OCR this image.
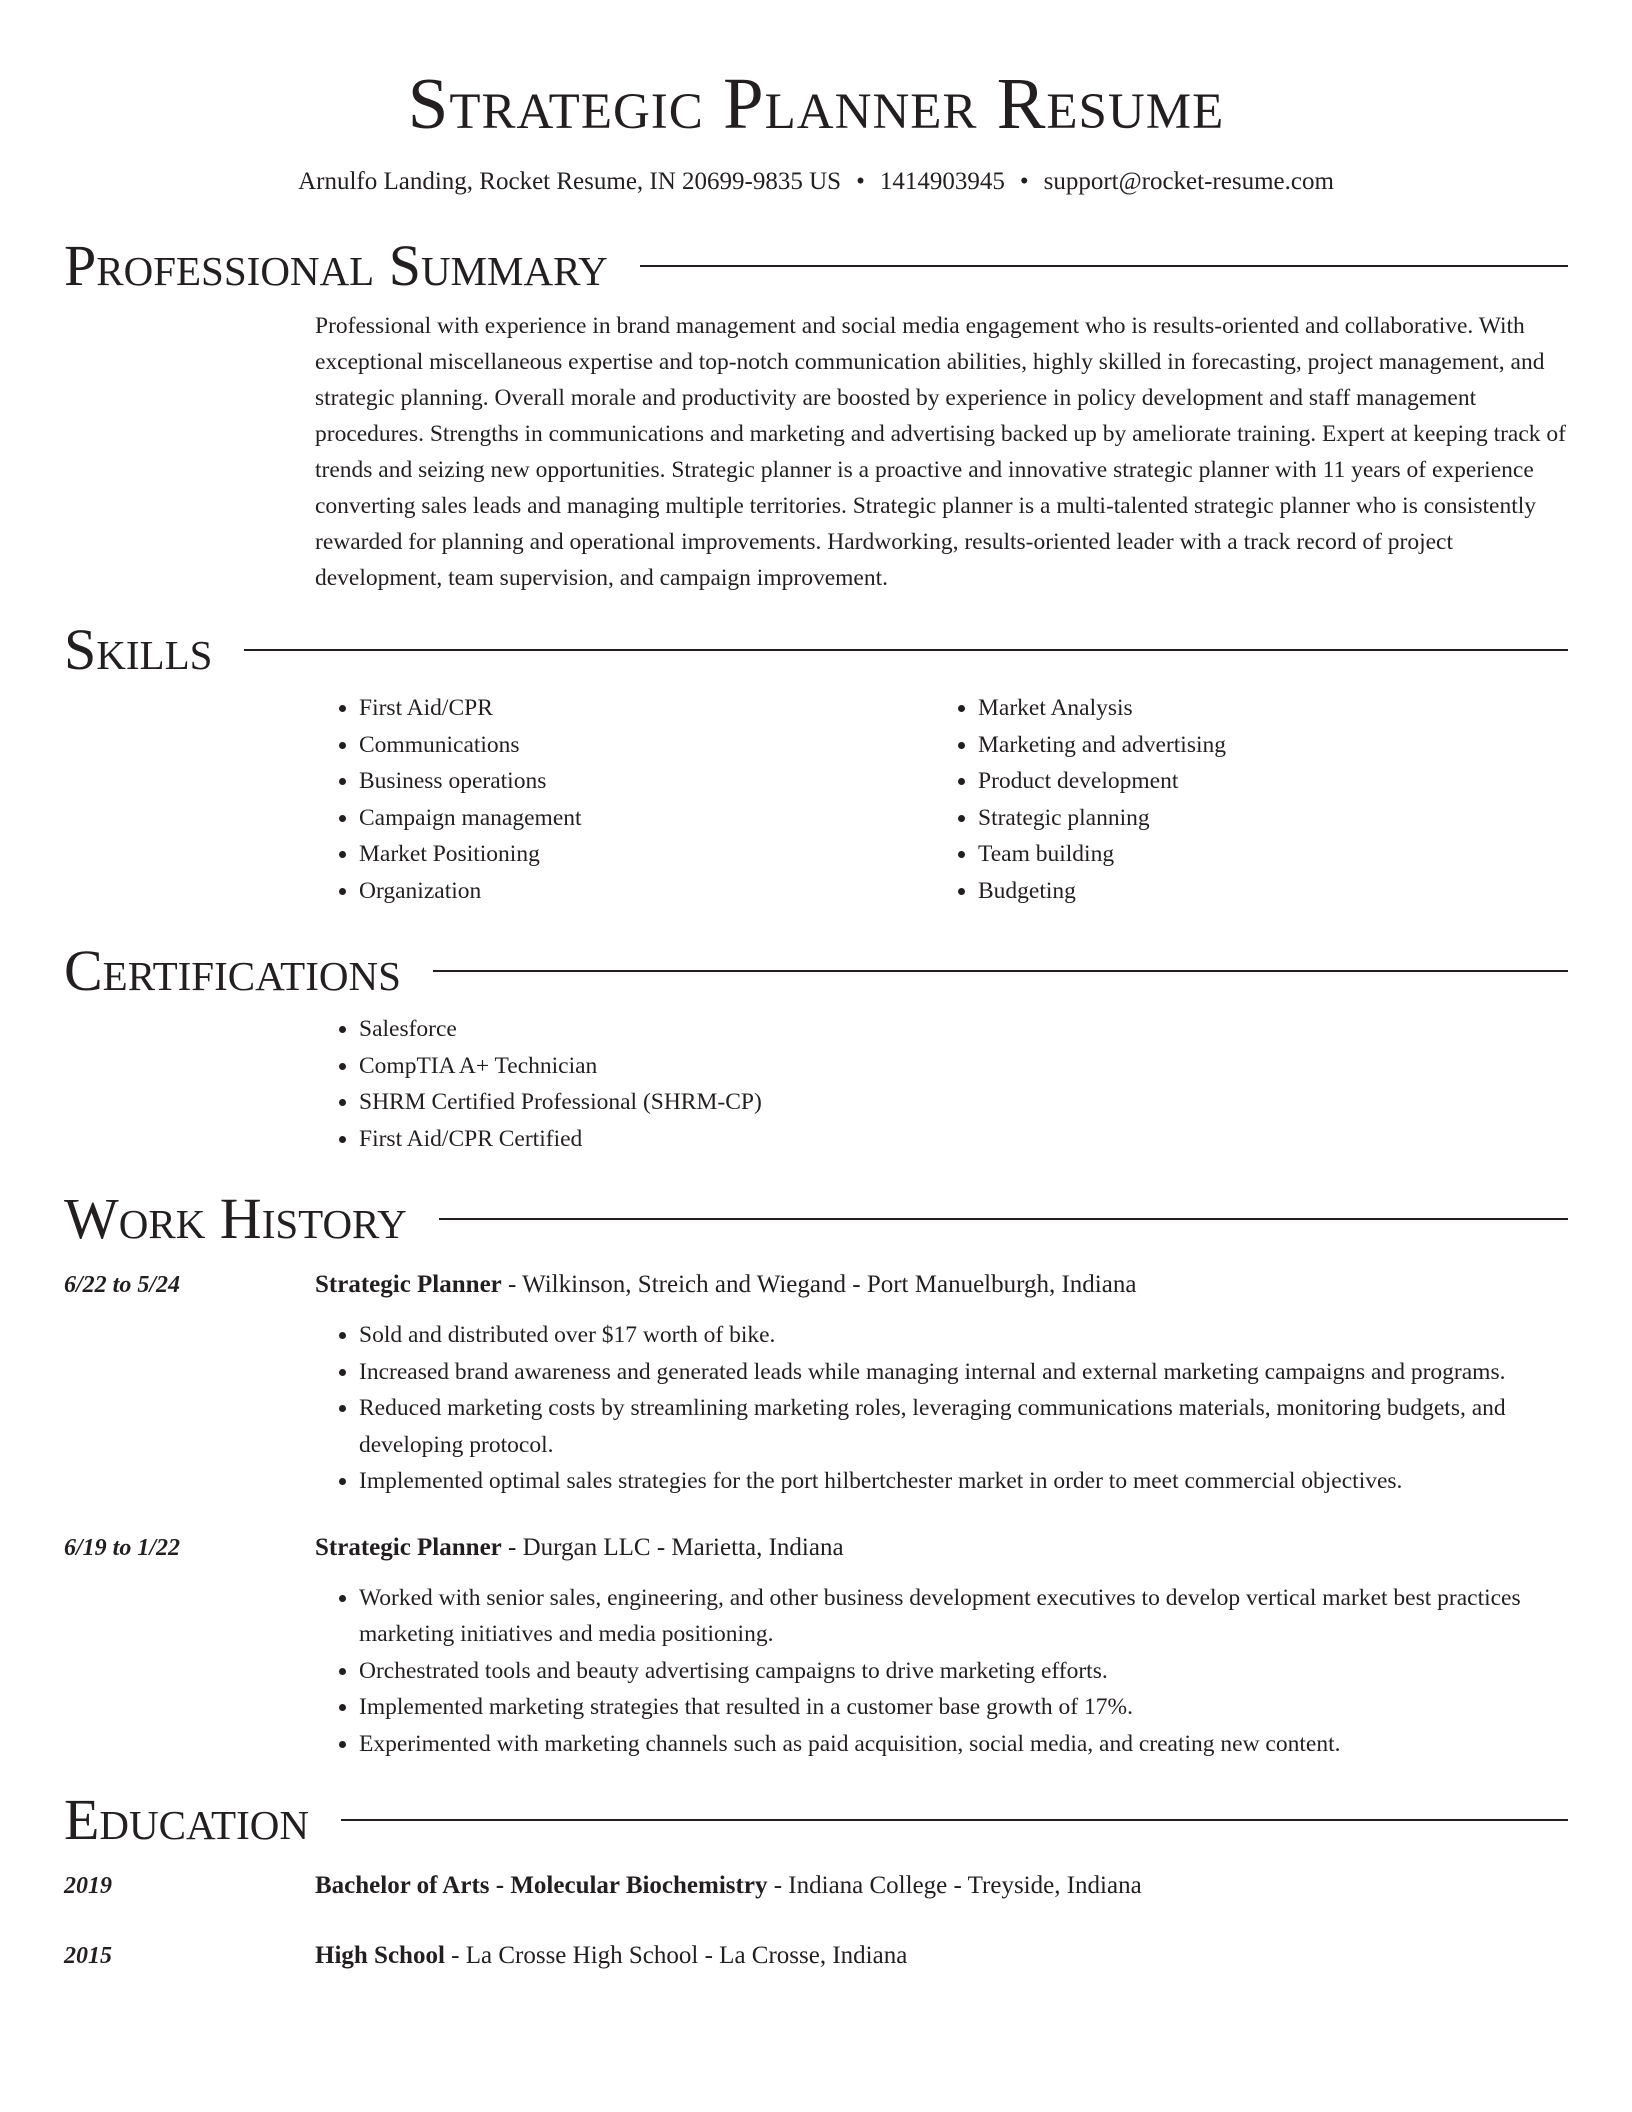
Strategic Planner Resume
Arnulfo Landing, Rocket Resume, IN 20699-9835 US • 1414903945 • support@rocket-resume.com
Professional Summary

Professional with experience in brand management and social media engagement who is results-oriented and collaborative. With exceptional miscellaneous expertise and top-notch communication abilities, highly skilled in forecasting, project management, and strategic planning. Overall morale and productivity are boosted by experience in policy development and staff management procedures. Strengths in communications and marketing and advertising backed up by ameliorate training. Expert at keeping track of trends and seizing new opportunities. Strategic planner is a proactive and innovative strategic planner with 11 years of experience converting sales leads and managing multiple territories. Strategic planner is a multi-talented strategic planner who is consistently rewarded for planning and operational improvements. Hardworking, results-oriented leader with a track record of project development, team supervision, and campaign improvement.

Skills
• First Aid/CPR
• Communications
• Business operations
• Campaign management
• Market Positioning
• Organization
• Market Analysis
• Marketing and advertising
• Product development
• Strategic planning
• Team building
• Budgeting
Certifications
• Salesforce
• CompTIA A+ Technician
• SHRM Certified Professional (SHRM-CP)
• First Aid/CPR Certified
Work History
6/22 to 5/24	Strategic Planner - Wilkinson, Streich and Wiegand - Port Manuelburgh, Indiana
• Sold and distributed over $17 worth of bike.
• Increased brand awareness and generated leads while managing internal and external marketing campaigns and programs.
• Reduced marketing costs by streamlining marketing roles, leveraging communications materials, monitoring budgets, and developing protocol.
• Implemented optimal sales strategies for the port hilbertchester market in order to meet commercial objectives.
6/19 to 1/22	Strategic Planner - Durgan LLC - Marietta, Indiana
• Worked with senior sales, engineering, and other business development executives to develop vertical market best practices marketing initiatives and media positioning.
• Orchestrated tools and beauty advertising campaigns to drive marketing efforts.
• Implemented marketing strategies that resulted in a customer base growth of 17%.
• Experimented with marketing channels such as paid acquisition, social media, and creating new content.
Education
2019	Bachelor of Arts - Molecular Biochemistry - Indiana College - Treyside, Indiana
2015	High School - La Crosse High School - La Crosse, Indiana
